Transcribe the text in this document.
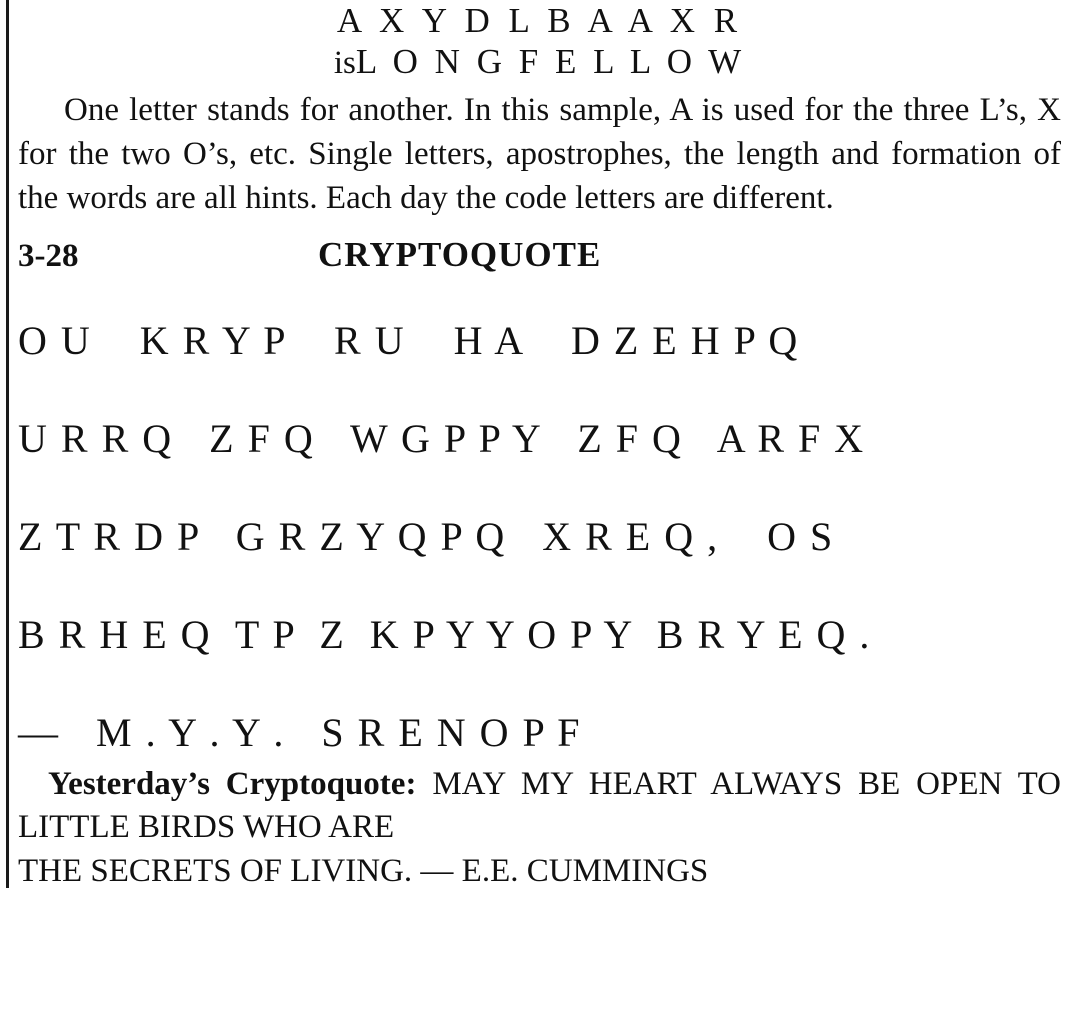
A X Y D L B A A X R
isL O N G F E L L O W
One letter stands for another. In this sample, A is used for the three L’s, X for the two O’s, etc. Single letters, apostrophes, the length and formation of the words are all hints. Each day the code letters are different.
3-28	CRYPTOQUOTE
O U    K R Y P    R U    H A    D Z E H P Q
U R R Q   Z F Q   W G P P Y   Z F Q   A R F X
Z T R D P   G R Z Y Q P Q   X R E Q ,    O S
B R H E Q  T P  Z  K P Y Y O P Y  B R Y E Q .
—   M . Y . Y .   S R E N O P F
Yesterday’s Cryptoquote: MAY MY HEART ALWAYS BE OPEN TO LITTLE BIRDS WHO ARE
THE SECRETS OF LIVING. — E.E. CUMMINGS
